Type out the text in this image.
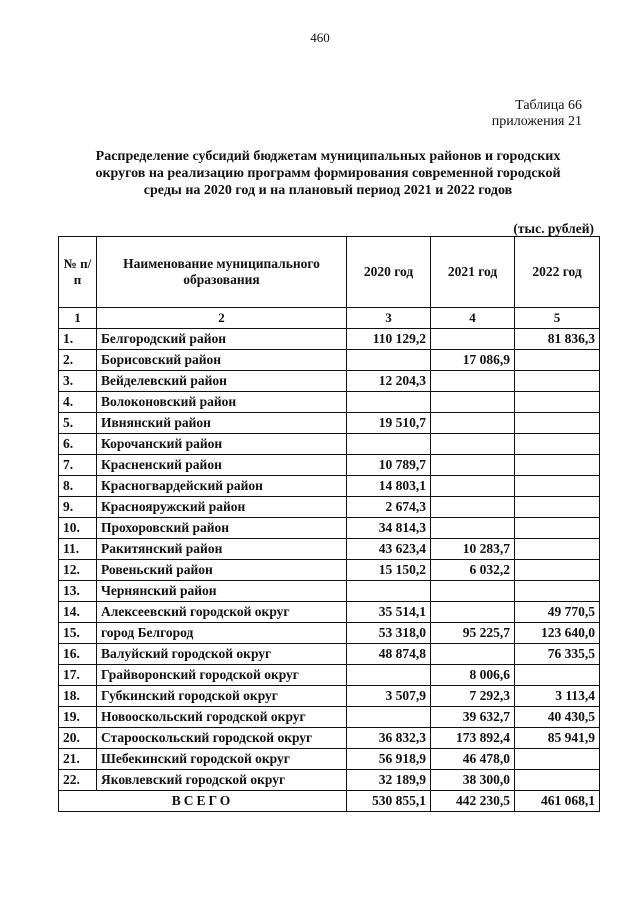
460
Таблица 66
приложения 21
Распределение субсидий бюджетам муниципальных районов и городских
округов на реализацию программ формирования современной городской
среды на 2020 год и на плановый период 2021 и 2022 годов
(тыс. рублей)
№ п/п	Наименование муниципального образования	2020 год	2021 год	2022 год
1	2	3	4	5
1.	Белгородский район	110 129,2		81 836,3
2.	Борисовский район		17 086,9	
3.	Вейделевский район	12 204,3		
4.	Волоконовский район			
5.	Ивнянский район	19 510,7		
6.	Корочанский район			
7.	Красненский район	10 789,7		
8.	Красногвардейский район	14 803,1		
9.	Краснояружский район	2 674,3		
10.	Прохоровский район	34 814,3		
11.	Ракитянский район	43 623,4	10 283,7	
12.	Ровеньский район	15 150,2	6 032,2	
13.	Чернянский район			
14.	Алексеевский городской округ	35 514,1		49 770,5
15.	город Белгород	53 318,0	95 225,7	123 640,0
16.	Валуйский городской округ	48 874,8		76 335,5
17.	Грайворонский городской округ		8 006,6	
18.	Губкинский городской округ	3 507,9	7 292,3	3 113,4
19.	Новооскольский городской округ		39 632,7	40 430,5
20.	Старооскольский городской округ	36 832,3	173 892,4	85 941,9
21.	Шебекинский городской округ	56 918,9	46 478,0	
22.	Яковлевский городской округ	32 189,9	38 300,0	
ВСЕГО		530 855,1	442 230,5	461 068,1
